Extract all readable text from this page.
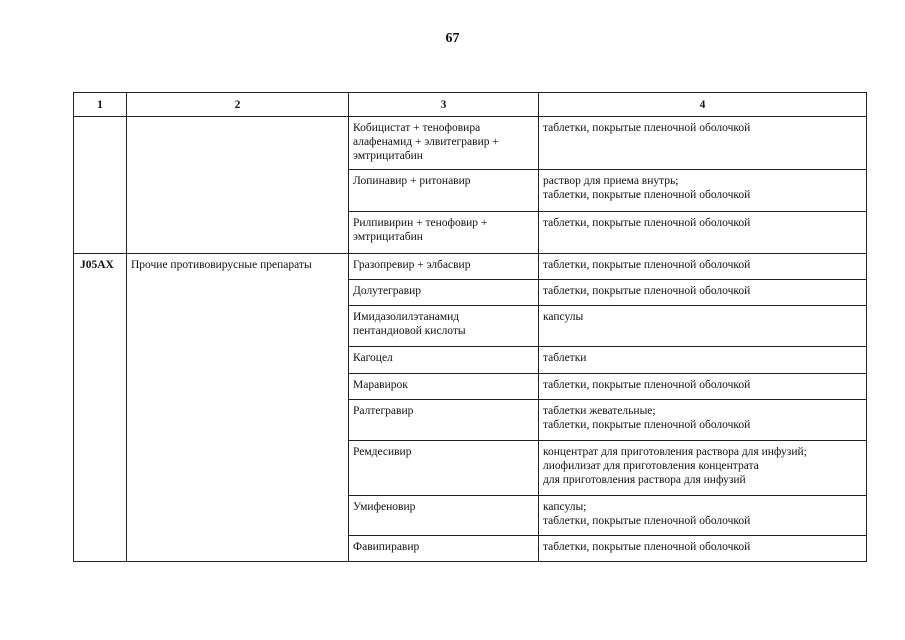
67
1	2	3	4
		Кобицистат + тенофовира
алафенамид + элвитегравир +
эмтрицитабин	таблетки, покрытые пленочной оболочкой
		Лопинавир + ритонавир	раствор для приема внутрь;
таблетки, покрытые пленочной оболочкой
		Рилпивирин + тенофовир +
эмтрицитабин	таблетки, покрытые пленочной оболочкой
J05AX	Прочие противовирусные препараты	Гразопревир + элбасвир	таблетки, покрытые пленочной оболочкой
		Долутегравир	таблетки, покрытые пленочной оболочкой
		Имидазолилэтанамид
пентандиовой кислоты	капсулы
		Кагоцел	таблетки
		Маравирок	таблетки, покрытые пленочной оболочкой
		Ралтегравир	таблетки жевательные;
таблетки, покрытые пленочной оболочкой
		Ремдесивир	концентрат для приготовления раствора для инфузий;
лиофилизат для приготовления концентрата
для приготовления раствора для инфузий
		Умифеновир	капсулы;
таблетки, покрытые пленочной оболочкой
		Фавипиравир	таблетки, покрытые пленочной оболочкой
